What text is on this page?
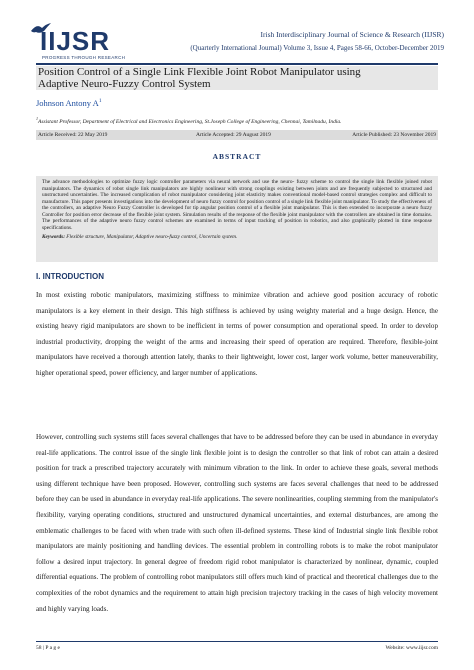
IIJSR
PROGRESS THROUGH RESEARCH
Irish Interdisciplinary Journal of Science & Research (IIJSR)
(Quarterly International Journal) Volume 3, Issue 4, Pages 58-66, October-December 2019
Position Control of a Single Link Flexible Joint Robot Manipulator using
Adaptive Neuro-Fuzzy Control System
Johnson Antony $A^1$
$^1$Assistant Professor, Department of Electrical and Electronics Engineering, St.Joseph College of Engineering, Chennai, Tamilnadu, India.
Article Received: 22 May 2019	Article Accepted: 29 August 2019	Article Published: 23 November 2019
ABSTRACT
The advance methodologies to optimize fuzzy logic controller parameters via neural network and use the neuro- fuzzy scheme to control the single link flexible joined robot manipulators. The dynamics of robot single link manipulators are highly nonlinear with strong couplings existing between joints and are frequently subjected to structured and unstructured uncertainties. The increased complication of robot manipulator considering joint elasticity makes conventional model-based control strategies complex and difficult to manufacture. This paper presents investigations into the development of neuro fuzzy control for position control of a single link flexible joint manipulator. To study the effectiveness of the controllers, an adaptive Neuro Fuzzy Controller is developed for tip angular position control of a flexible joint manipulator. This is then extended to incorporate a neuro fuzzy Controller for position error decrease of the flexible joint system. Simulation results of the response of the flexible joint manipulator with the controllers are obtained in time domains. The performances of the adaptive neuro fuzzy control schemes are examined in terms of input tracking of position in robotics, and also graphically plotted in time response specifications.
Keywords: Flexible structure, Manipulator, Adaptive neuro-fuzzy control, Uncertain system.
I. INTRODUCTION
In most existing robotic manipulators, maximizing stiffness to minimize vibration and achieve good position accuracy of robotic manipulators is a key element in their design. This high stiffness is achieved by using weighty material and a huge design. Hence, the existing heavy rigid manipulators are shown to be inefficient in terms of power consumption and operational speed. In order to develop industrial productivity, dropping the weight of the arms and increasing their speed of operation are required. Therefore, flexible-joint manipulators have received a thorough attention lately, thanks to their lightweight, lower cost, larger work volume, better maneuverability, higher operational speed, power efficiency, and larger number of applications.
However, controlling such systems still faces several challenges that have to be addressed before they can be used in abundance in everyday real-life applications. The control issue of the single link flexible joint is to design the controller so that link of robot can attain a desired position for track a prescribed trajectory accurately with minimum vibration to the link. In order to achieve these goals, several methods using different technique have been proposed. However, controlling such systems are faces several challenges that need to be addressed before they can be used in abundance in everyday real-life applications. The severe nonlinearities, coupling stemming from the manipulator's flexibility, varying operating conditions, structured and unstructured dynamical uncertainties, and external disturbances, are among the emblematic challenges to be faced with when trade with such often ill-defined systems. These kind of Industrial single link flexible robot manipulators are mainly positioning and handling devices. The essential problem in controlling robots is to make the robot manipulator follow a desired input trajectory. In general degree of freedom rigid robot manipulator is characterized by nonlinear, dynamic, coupled differential equations. The problem of controlling robot manipulators still offers much kind of practical and theoretical challenges due to the complexities of the robot dynamics and the requirement to attain high precision trajectory tracking in the cases of high velocity movement and highly varying loads.
58 | P a g e	Website: www.iijsr.com
